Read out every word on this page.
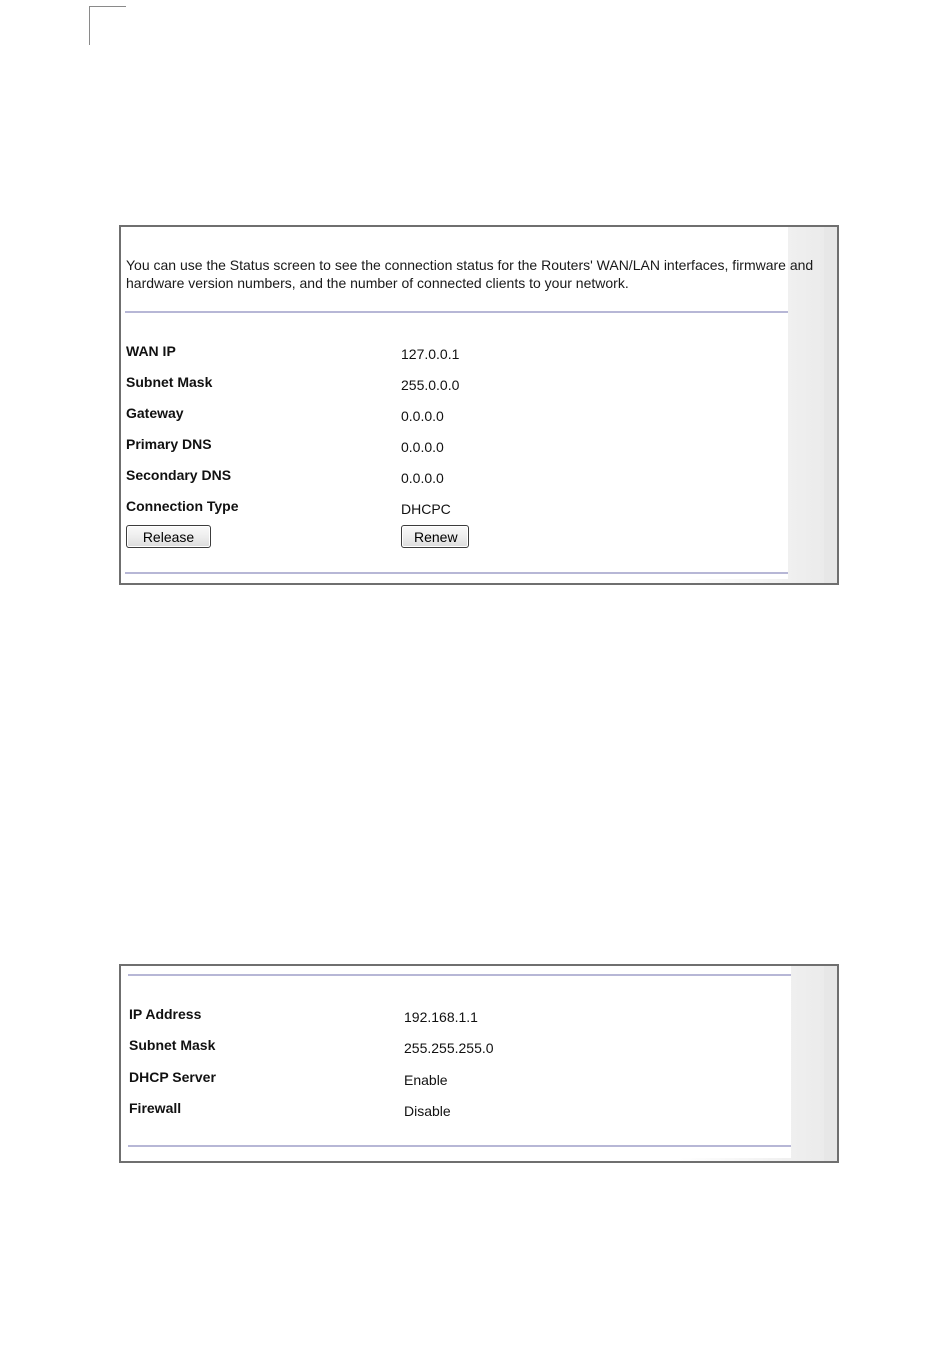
You can use the Status screen to see the connection status for the Routers' WAN/LAN interfaces, firmware and hardware version numbers, and the number of connected clients to your network.

WAN IP	127.0.0.1
Subnet Mask	255.0.0.0
Gateway	0.0.0.0
Primary DNS	0.0.0.0
Secondary DNS	0.0.0.0
Connection Type	DHCPC
Release	Renew
IP Address	192.168.1.1
Subnet Mask	255.255.255.0
DHCP Server	Enable
Firewall	Disable
